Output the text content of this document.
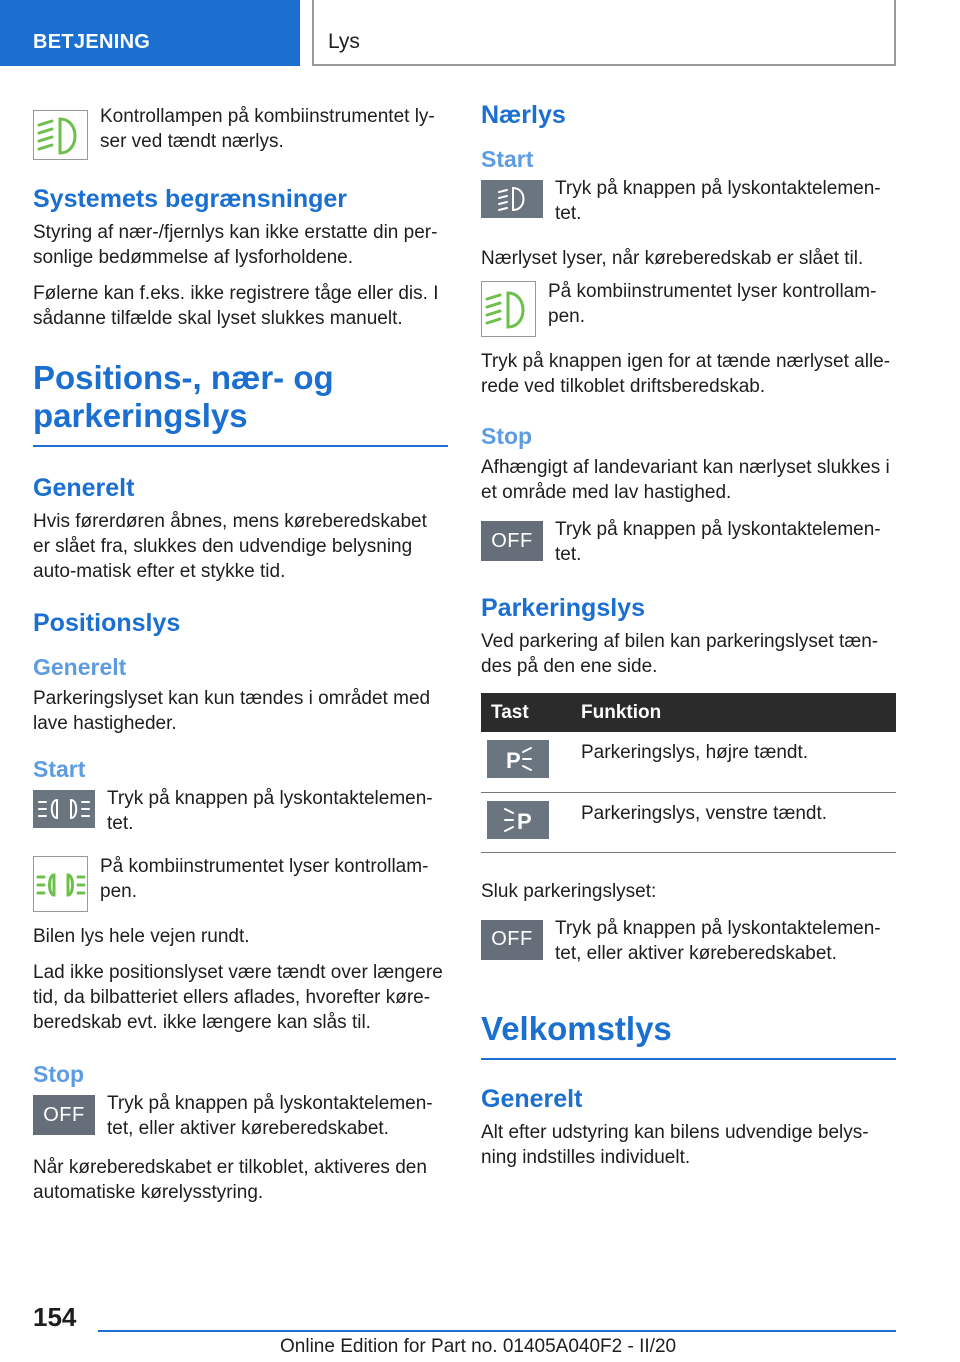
BETJENING	Lys
Kontrollampen på kombiinstrumentet ly-ser ved tændt nærlys.
Systemets begrænsninger

Styring af nær-/fjernlys kan ikke erstatte din per-sonlige bedømmelse af lysforholdene.

Følerne kan f.eks. ikke registrere tåge eller dis. I sådanne tilfælde skal lyset slukkes manuelt.

Positions-, nær- og parkeringslys
Generelt

Hvis førerdøren åbnes, mens køreberedskabet er slået fra, slukkes den udvendige belysning auto-matisk efter et stykke tid.

Positionslys
Generelt

Parkeringslyset kan kun tændes i området med lave hastigheder.

Start
Tryk på knappen på lyskontaktelemen-tet.
På kombiinstrumentet lyser kontrollam-pen.

Bilen lys hele vejen rundt.

Lad ikke positionslyset være tændt over længere tid, da bilbatteriet ellers aflades, hvorefter køre-beredskab evt. ikke længere kan slås til.

Stop
OFF	Tryk på knappen på lyskontaktelemen-tet, eller aktiver køreberedskabet.

Når køreberedskabet er tilkoblet, aktiveres den automatiske kørelysstyring.

Nærlys
Start
Tryk på knappen på lyskontaktelemen-tet.

Nærlyset lyser, når køreberedskab er slået til.

På kombiinstrumentet lyser kontrollam-pen.

Tryk på knappen igen for at tænde nærlyset alle-rede ved tilkoblet driftsberedskab.

Stop

Afhængigt af landevariant kan nærlyset slukkes i et område med lav hastighed.

OFF	Tryk på knappen på lyskontaktelemen-tet.
Parkeringslys

Ved parkering af bilen kan parkeringslyset tæn-des på den ene side.

Tast	Funktion

P	Parkeringslys, højre tændt.

P	Parkeringslys, venstre tændt.

Sluk parkeringslyset:

OFF	Tryk på knappen på lyskontaktelemen-tet, eller aktiver køreberedskabet.
Velkomstlys
Generelt

Alt efter udstyring kan bilens udvendige belys-ning indstilles individuelt.

154
Online Edition for Part no. 01405A040F2 - II/20
